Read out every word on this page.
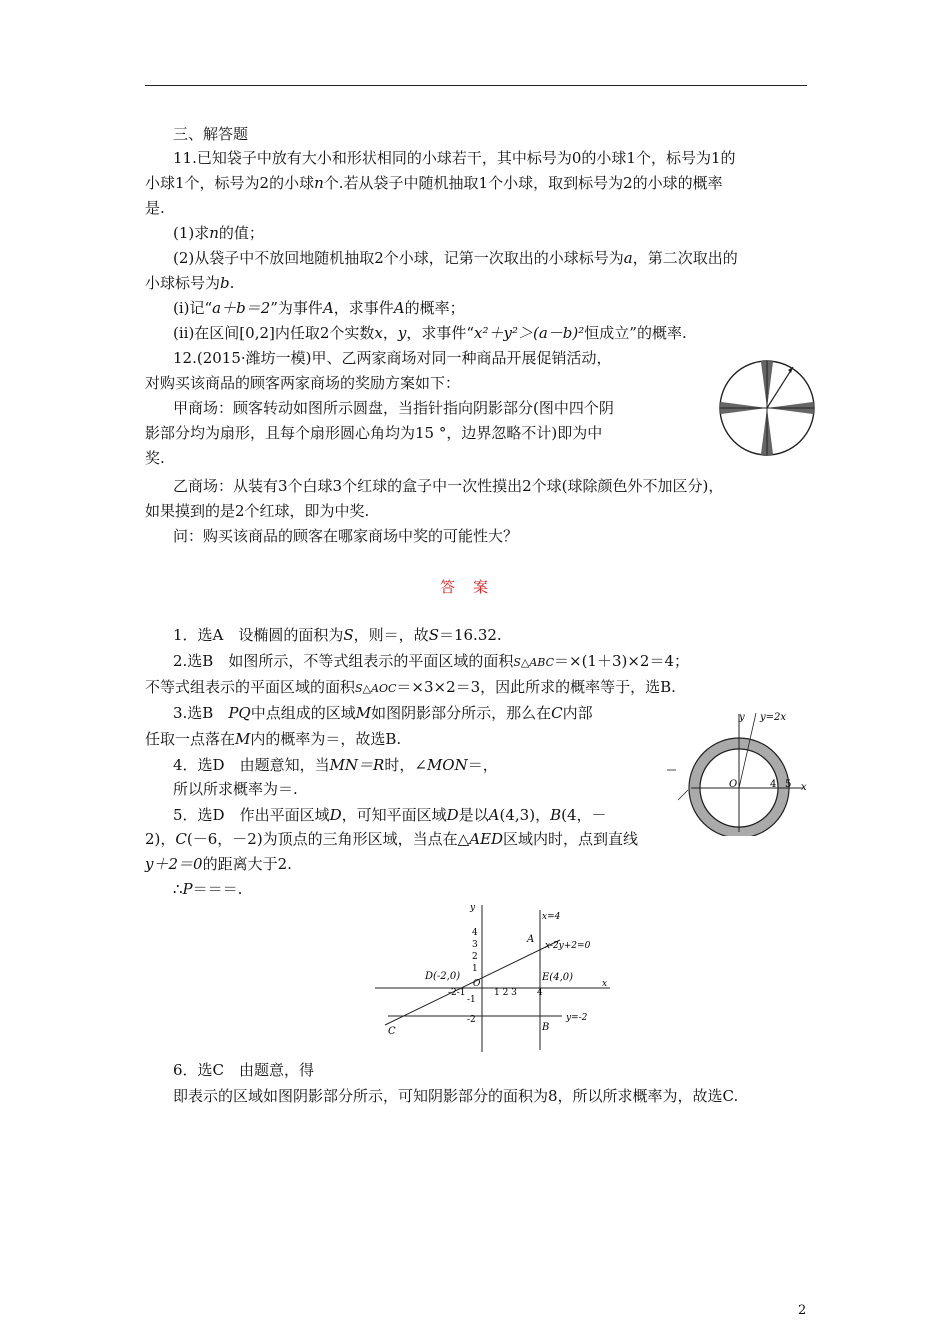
三、解答题
11.已知袋子中放有大小和形状相同的小球若干，其中标号为0的小球1个，标号为1的
小球1个，标号为2的小球n个.若从袋子中随机抽取1个小球，取到标号为2的小球的概率
是.
(1)求n的值；
(2)从袋子中不放回地随机抽取2个小球，记第一次取出的小球标号为a，第二次取出的
小球标号为b.
(ⅰ)记“a＋b＝2”为事件A，求事件A的概率；
(ⅱ)在区间[0,2]内任取2个实数x，y，求事件“x²＋y²＞(a－b)²恒成立”的概率.
12.(2015·潍坊一模)甲、乙两家商场对同一种商品开展促销活动，
对购买该商品的顾客两家商场的奖励方案如下：
甲商场：顾客转动如图所示圆盘，当指针指向阴影部分(图中四个阴
影部分均为扇形，且每个扇形圆心角均为15 °，边界忽略不计)即为中
奖.
乙商场：从装有3个白球3个红球的盒子中一次性摸出2个球(球除颜色外不加区分)，
如果摸到的是2个红球，即为中奖.
问：购买该商品的顾客在哪家商场中奖的可能性大？
答案
1．选A　设椭圆的面积为S，则＝，故S＝16.32.
2.选B　如图所示，不等式组表示的平面区域的面积S△ABC＝×(1＋3)×2＝4；
不等式组表示的平面区域的面积S△AOC＝×3×2＝3，因此所求的概率等于，选B.
3.选B　PQ中点组成的区域M如图阴影部分所示，那么在C内部
任取一点落在M内的概率为＝，故选B.
4．选D　由题意知，当MN＝R时，∠MON＝，
所以所求概率为＝.
5．选D　作出平面区域D，可知平面区域D是以A(4,3)，B(4，－
2)，C(－6，－2)为顶点的三角形区域，当点在△AED区域内时，点到直线
y＋2＝0的距离大于2.
∴P＝＝＝.
y y=2x
x
O	4 5
y
x
4
3
2
1
-1
-2
-2-1
O
1 2 3 4
A
B
C
D(-2,0)	E(4,0)
x=4
x-2y+2=0
y=-2
6．选C　由题意，得
即表示的区域如图阴影部分所示，可知阴影部分的面积为8，所以所求概率为，故选C.
2
